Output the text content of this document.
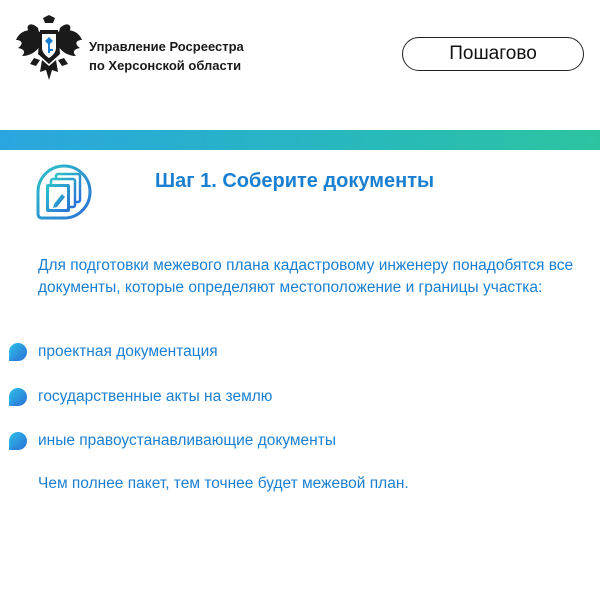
Управление Росреестра
по Херсонской области
Пошагово
Шаг 1. Соберите документы
Для подготовки межевого плана кадастровому инженеру понадобятся все документы, которые определяют местоположение и границы участка:
проектная документация
государственные акты на землю
иные правоустанавливающие документы
Чем полнее пакет, тем точнее будет межевой план.
